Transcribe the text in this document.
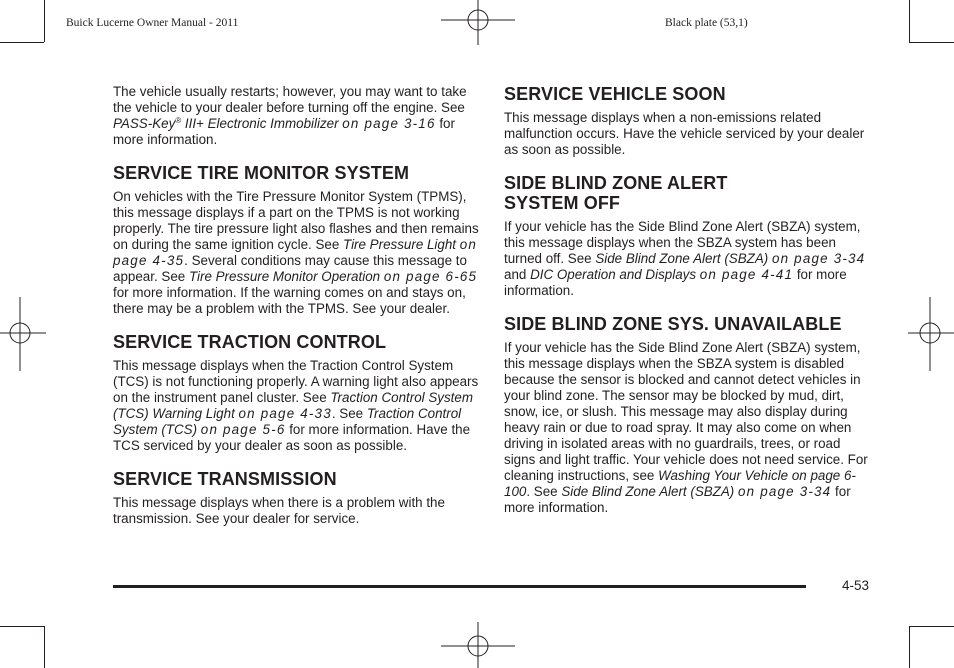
Buick Lucerne Owner Manual - 2011	Black plate (53,1)

The vehicle usually restarts; however, you may want to take the vehicle to your dealer before turning off the engine. See PASS-Key® III+ Electronic Immobilizer on page 3-16 for more information.

SERVICE TIRE MONITOR SYSTEM

On vehicles with the Tire Pressure Monitor System (TPMS), this message displays if a part on the TPMS is not working properly. The tire pressure light also flashes and then remains on during the same ignition cycle. See Tire Pressure Light on page 4-35. Several conditions may cause this message to appear. See Tire Pressure Monitor Operation on page 6-65 for more information. If the warning comes on and stays on, there may be a problem with the TPMS. See your dealer.

SERVICE TRACTION CONTROL

This message displays when the Traction Control System (TCS) is not functioning properly. A warning light also appears on the instrument panel cluster. See Traction Control System (TCS) Warning Light on page 4-33. See Traction Control System (TCS) on page 5-6 for more information. Have the TCS serviced by your dealer as soon as possible.

SERVICE TRANSMISSION

This message displays when there is a problem with the transmission. See your dealer for service.

SERVICE VEHICLE SOON

This message displays when a non-emissions related malfunction occurs. Have the vehicle serviced by your dealer as soon as possible.

SIDE BLIND ZONE ALERT
SYSTEM OFF

If your vehicle has the Side Blind Zone Alert (SBZA) system, this message displays when the SBZA system has been turned off. See Side Blind Zone Alert (SBZA) on page 3-34 and DIC Operation and Displays on page 4-41 for more information.

SIDE BLIND ZONE SYS. UNAVAILABLE

If your vehicle has the Side Blind Zone Alert (SBZA) system, this message displays when the SBZA system is disabled because the sensor is blocked and cannot detect vehicles in your blind zone. The sensor may be blocked by mud, dirt, snow, ice, or slush. This message may also display during heavy rain or due to road spray. It may also come on when driving in isolated areas with no guardrails, trees, or road signs and light traffic. Your vehicle does not need service. For cleaning instructions, see Washing Your Vehicle on page 6-100. See Side Blind Zone Alert (SBZA) on page 3-34 for more information.

4-53
